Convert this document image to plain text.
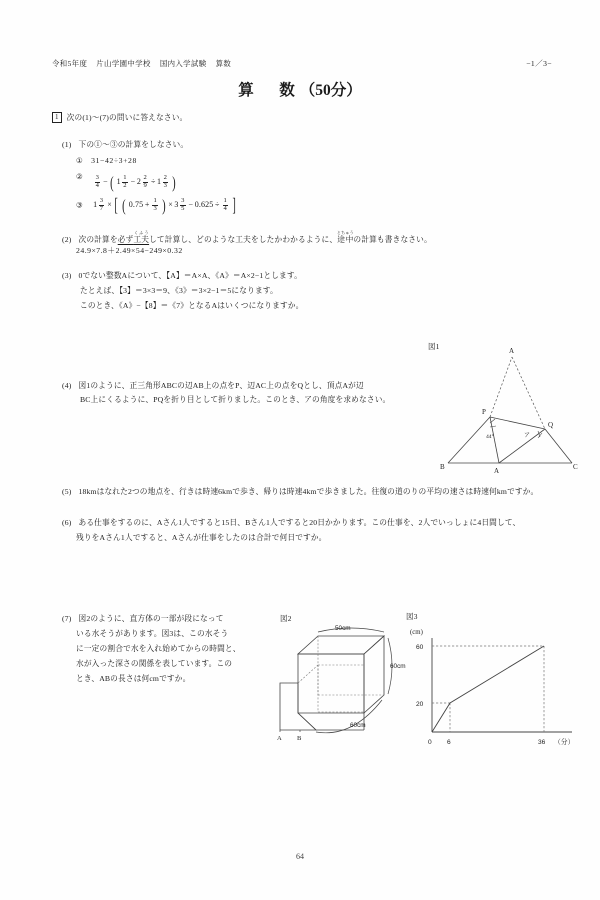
令和5年度 片山学園中学校 国内入学試験 算数	−1／3−
算　数（50分）
1 次の(1)〜(7)の問いに答えなさい。
(1) 下の①〜③の計算をしなさい。
① 31−42÷3+28
② $\frac{3}{4}$ − ( $1 \frac{1}{2} - 2 \frac{2}{9} \div 1 \frac{2}{3}$ )
③ $1 \frac{3}{7}$ × [ ( $0.75 + \frac{1}{3}$ ) × $3 \frac{3}{5} - 0.625 \div \frac{1}{4}$ ]
(2) 次の計算を必ず工夫くふうして計算し、どのような工夫をしたかわかるように、途中とちゅうの計算も書きなさい。
24.9×7.8＋2.49×54−249×0.32
(3) 0でない整数Aについて、【A】＝A×A、《A》＝A×2−1とします。
たとえば、【3】＝3×3＝9、《3》＝3×2−1＝5になります。
このとき、《A》−【8】＝《7》となるAはいくつになりますか。
(4) 図1のように、正三角形ABCの辺AB上の点をP、辺AC上の点をQとし、頂点Aが辺
BC上にくるように、PQを折り目として折りました。このとき、アの角度を求めなさい。
図1	A
B	C
P
Q
A
44°	ア
(5) 18kmはなれた2つの地点を、行きは時速6kmで歩き、帰りは時速4kmで歩きました。往復の道のりの平均の速さは時速何kmですか。
(6) ある仕事をするのに、Aさん1人ですると15日、Bさん1人ですると20日かかります。この仕事を、2人でいっしょに4日間して、
残りをAさん1人ですると、Aさんが仕事をしたのは合計で何日ですか。
(7) 図2のように、直方体の一部が段になって
いる水そうがあります。図3は、この水そう
に一定の割合で水を入れ始めてからの時間と、
水が入った深さの関係を表しています。この
とき、ABの長さは何cmですか。
図2
50cm
60cm
60cm
A B
図3
60
20
0 6	36
(cm)
（分）
64
